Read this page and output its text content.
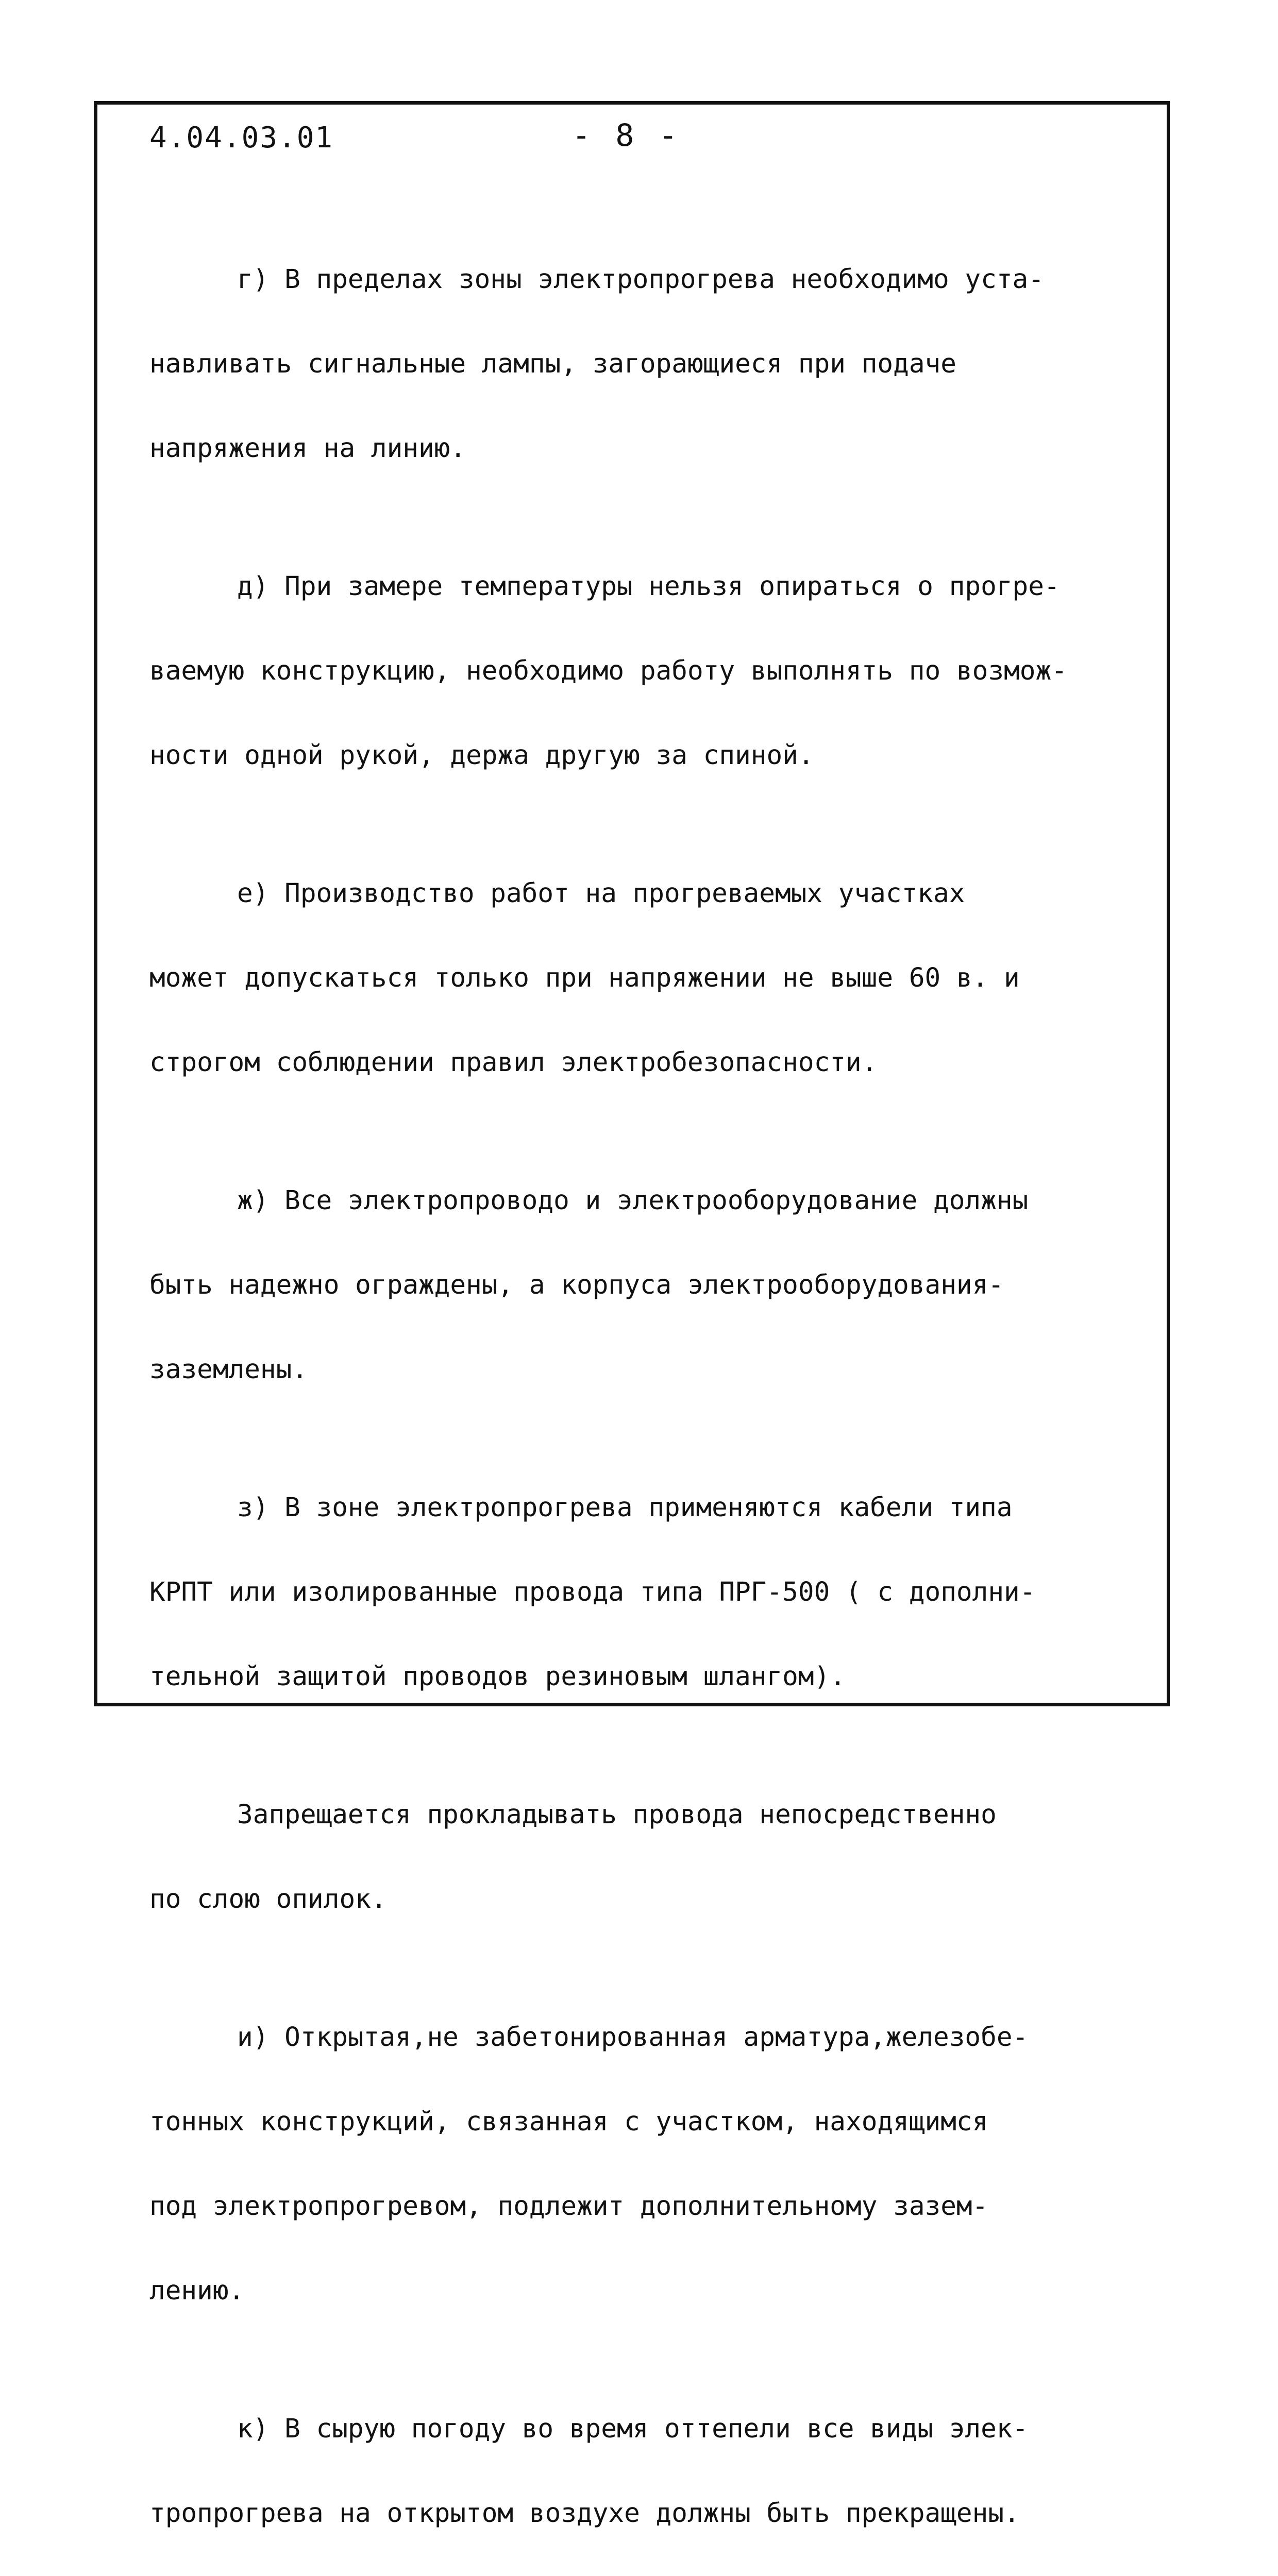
4.04.03.01	- 8 -

г) В пределах зоны электропрогрева необходимо уста-

навливать сигнальные лампы, загорающиеся при подаче

напряжения на линию.

д) При замере температуры нельзя опираться о прогре-

ваемую конструкцию, необходимо работу выполнять по возмож-

ности одной рукой, держа другую за спиной.

е) Производство работ на прогреваемых участках

может допускаться только при напряжении не выше 60 в. и

строгом соблюдении правил электробезопасности.

ж) Все электропроводо и электрооборудование должны

быть надежно ограждены, а корпуса электрооборудования-

заземлены.

з) В зоне электропрогрева применяются кабели типа

КРПТ или изолированные провода типа ПРГ-500 ( с дополни-

тельной защитой проводов резиновым шлангом).

Запрещается прокладывать провода непосредственно

по слою опилок.

и) Открытая,не забетонированная арматура,железобе-

тонных конструкций, связанная с участком, находящимся

под электропрогревом, подлежит дополнительному зазем-

лению.

к) В сырую погоду во время оттепели все виды элек-

тропрогрева на открытом воздухе должны быть прекращены.
